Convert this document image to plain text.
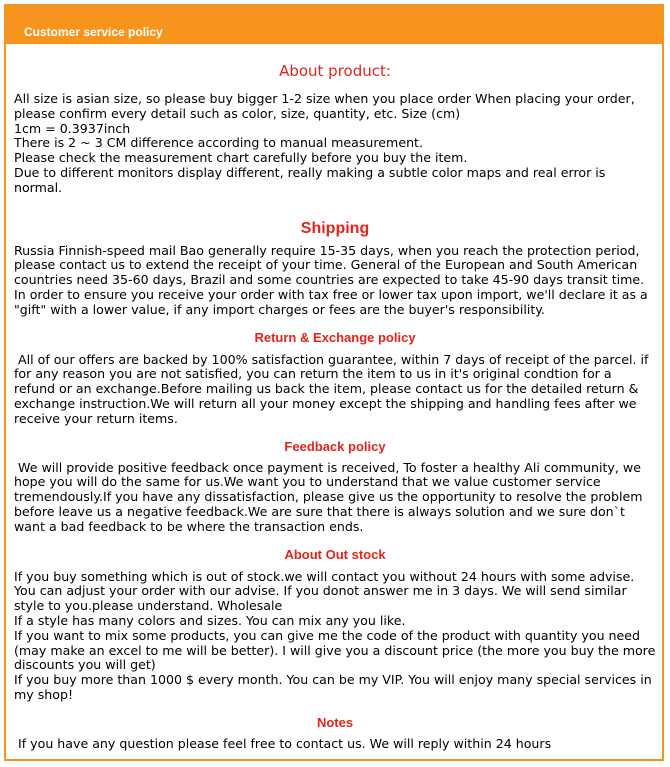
Customer service policy
About product:
All size is asian size, so please buy bigger 1-2 size when you place order When placing your order, please confirm every detail such as color, size, quantity, etc. Size (cm)
1cm = 0.3937inch
There is 2 ~ 3 CM difference according to manual measurement.
Please check the measurement chart carefully before you buy the item.
Due to different monitors display different, really making a subtle color maps and real error is normal.
Shipping
Russia Finnish-speed mail Bao generally require 15-35 days, when you reach the protection period, please contact us to extend the receipt of your time. General of the European and South American countries need 35-60 days, Brazil and some countries are expected to take 45-90 days transit time.
In order to ensure you receive your order with tax free or lower tax upon import, we'll declare it as a "gift" with a lower value, if any import charges or fees are the buyer's responsibility.
Return & Exchange policy
All of our offers are backed by 100% satisfaction guarantee, within 7 days of receipt of the parcel. if for any reason you are not satisfied, you can return the item to us in it's original condtion for a refund or an exchange.Before mailing us back the item, please contact us for the detailed return & exchange instruction.We will return all your money except the shipping and handling fees after we receive your return items.
Feedback policy
We will provide positive feedback once payment is received, To foster a healthy Ali community, we hope you will do the same for us.We want you to understand that we value customer service tremendously.If you have any dissatisfaction, please give us the opportunity to resolve the problem before leave us a negative feedback.We are sure that there is always solution and we sure don`t want a bad feedback to be where the transaction ends.
About Out stock
If you buy something which is out of stock.we will contact you without 24 hours with some advise. You can adjust your order with our advise. If you donot answer me in 3 days. We will send similar style to you.please understand. Wholesale
If a style has many colors and sizes. You can mix any you like.
If you want to mix some products, you can give me the code of the product with quantity you need (may make an excel to me will be better). I will give you a discount price (the more you buy the more discounts you will get)
If you buy more than 1000 $ every month. You can be my VIP. You will enjoy many special services in my shop!
Notes
If you have any question please feel free to contact us. We will reply within 24 hours
